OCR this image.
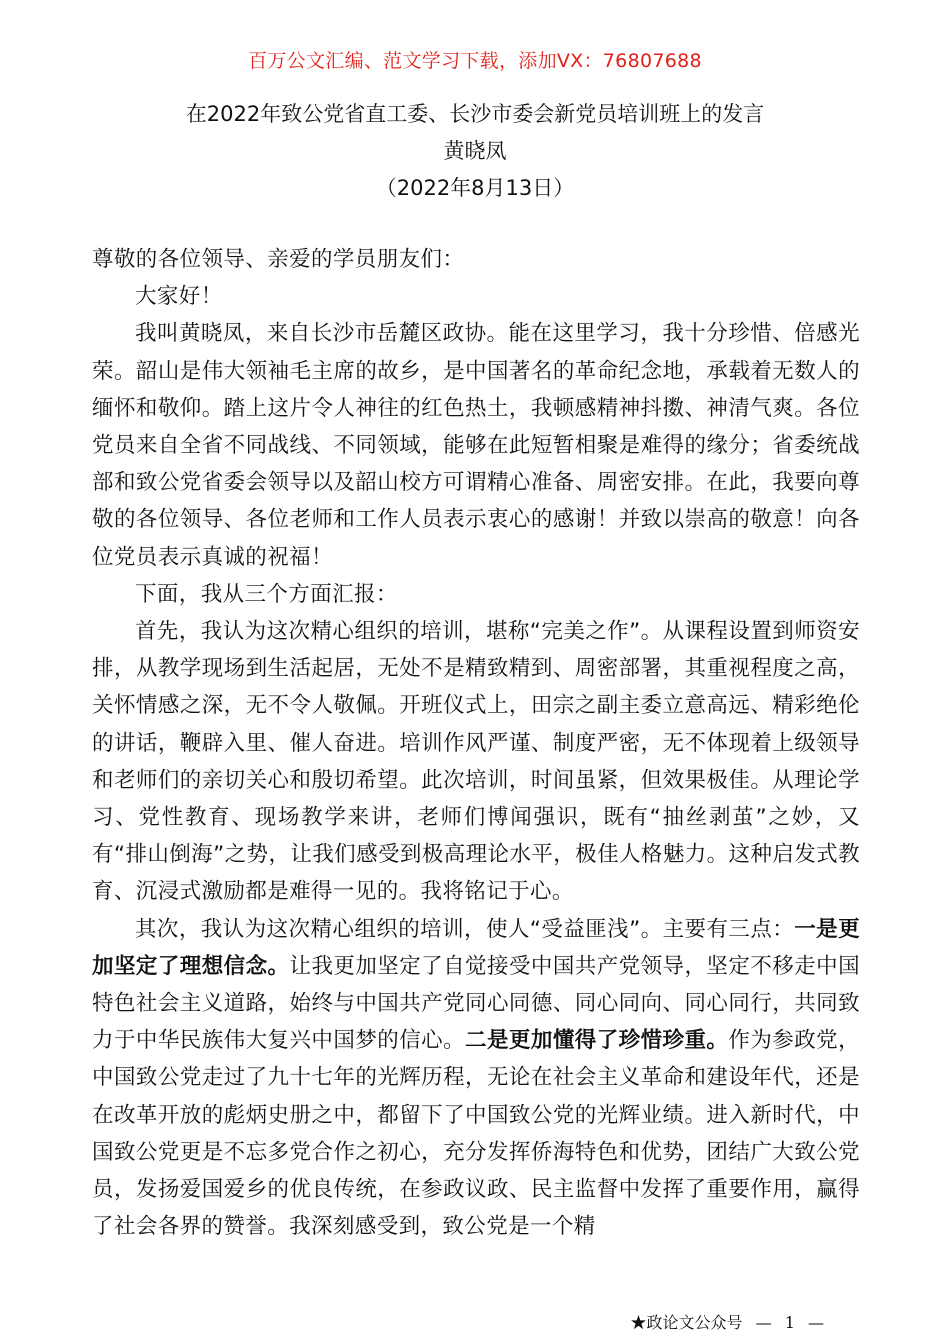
百万公文汇编、范文学习下载，添加VX：76807688
在2022年致公党省直工委、长沙市委会新党员培训班上的发言
黄晓凤
（2022年8月13日）

尊敬的各位领导、亲爱的学员朋友们：

大家好！

我叫黄晓凤，来自长沙市岳麓区政协。能在这里学习，我十分珍惜、倍感光荣。韶山是伟大领袖毛主席的故乡，是中国著名的革命纪念地，承载着无数人的缅怀和敬仰。踏上这片令人神往的红色热土，我顿感精神抖擞、神清气爽。各位党员来自全省不同战线、不同领域，能够在此短暂相聚是难得的缘分；省委统战部和致公党省委会领导以及韶山校方可谓精心准备、周密安排。在此，我要向尊敬的各位领导、各位老师和工作人员表示衷心的感谢！并致以崇高的敬意！向各位党员表示真诚的祝福！

下面，我从三个方面汇报：

首先，我认为这次精心组织的培训，堪称“完美之作”。从课程设置到师资安排，从教学现场到生活起居，无处不是精致精到、周密部署，其重视程度之高，关怀情感之深，无不令人敬佩。开班仪式上，田宗之副主委立意高远、精彩绝伦的讲话，鞭辟入里、催人奋进。培训作风严谨、制度严密，无不体现着上级领导和老师们的亲切关心和殷切希望。此次培训，时间虽紧，但效果极佳。从理论学习、党性教育、现场教学来讲，老师们博闻强识，既有“抽丝剥茧”之妙，又有“排山倒海”之势，让我们感受到极高理论水平，极佳人格魅力。这种启发式教育、沉浸式激励都是难得一见的。我将铭记于心。

其次，我认为这次精心组织的培训，使人“受益匪浅”。主要有三点：一是更加坚定了理想信念。让我更加坚定了自觉接受中国共产党领导，坚定不移走中国特色社会主义道路，始终与中国共产党同心同德、同心同向、同心同行，共同致力于中华民族伟大复兴中国梦的信心。二是更加懂得了珍惜珍重。作为参政党，中国致公党走过了九十七年的光辉历程，无论在社会主义革命和建设年代，还是在改革开放的彪炳史册之中，都留下了中国致公党的光辉业绩。进入新时代，中国致公党更是不忘多党合作之初心，充分发挥侨海特色和优势，团结广大致公党员，发扬爱国爱乡的优良传统，在参政议政、民主监督中发挥了重要作用，赢得了社会各界的赞誉。我深刻感受到，致公党是一个精

★政论文公众号 — 1 —
